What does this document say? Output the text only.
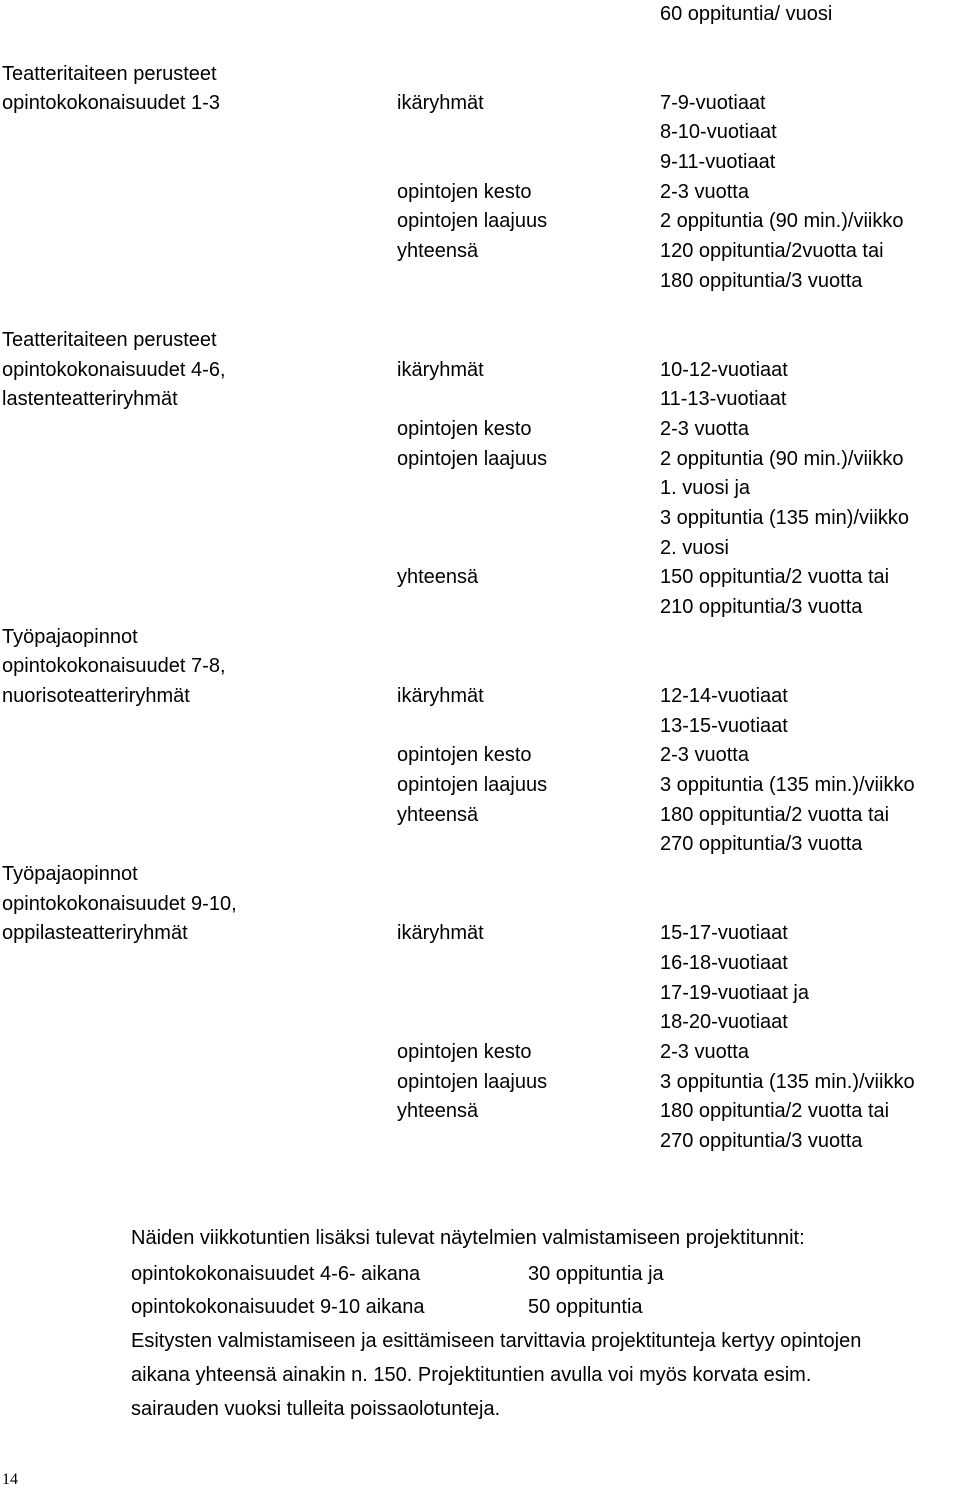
60 oppituntia/ vuosi
Teatteritaiteen perusteet
opintokokonaisuudet 1-3	ikäryhmät	7-9-vuotiaat
8-10-vuotiaat
9-11-vuotiaat
opintojen kesto	2-3 vuotta
opintojen laajuus	2 oppituntia (90 min.)/viikko
yhteensä	120 oppituntia/2vuotta tai
180 oppituntia/3 vuotta
Teatteritaiteen perusteet
opintokokonaisuudet 4-6,
lastenteatteriryhmät
ikäryhmät	10-12-vuotiaat
11-13-vuotiaat
opintojen kesto	2-3 vuotta
opintojen laajuus	2 oppituntia (90 min.)/viikko
1. vuosi ja
3 oppituntia (135 min)/viikko
2. vuosi
yhteensä	150 oppituntia/2 vuotta tai
210 oppituntia/3 vuotta
Työpajaopinnot
opintokokonaisuudet 7-8,
nuorisoteatteriryhmät	ikäryhmät	12-14-vuotiaat
13-15-vuotiaat
opintojen kesto	2-3 vuotta
opintojen laajuus	3 oppituntia (135 min.)/viikko
yhteensä	180 oppituntia/2 vuotta tai
270 oppituntia/3 vuotta
Työpajaopinnot
opintokokonaisuudet 9-10,
oppilasteatteriryhmät	ikäryhmät	15-17-vuotiaat
16-18-vuotiaat
17-19-vuotiaat ja
18-20-vuotiaat
opintojen kesto	2-3 vuotta
opintojen laajuus	3 oppituntia (135 min.)/viikko
yhteensä	180 oppituntia/2 vuotta tai
270 oppituntia/3 vuotta
Näiden viikkotuntien lisäksi tulevat näytelmien valmistamiseen projektitunnit:
opintokokonaisuudet 4-6- aikana	30 oppituntia ja
opintokokonaisuudet 9-10 aikana	50 oppituntia
Esitysten valmistamiseen ja esittämiseen tarvittavia projektitunteja kertyy opintojen
aikana yhteensä ainakin n. 150. Projektituntien avulla voi myös korvata esim.
sairauden vuoksi tulleita poissaolotunteja.
14
